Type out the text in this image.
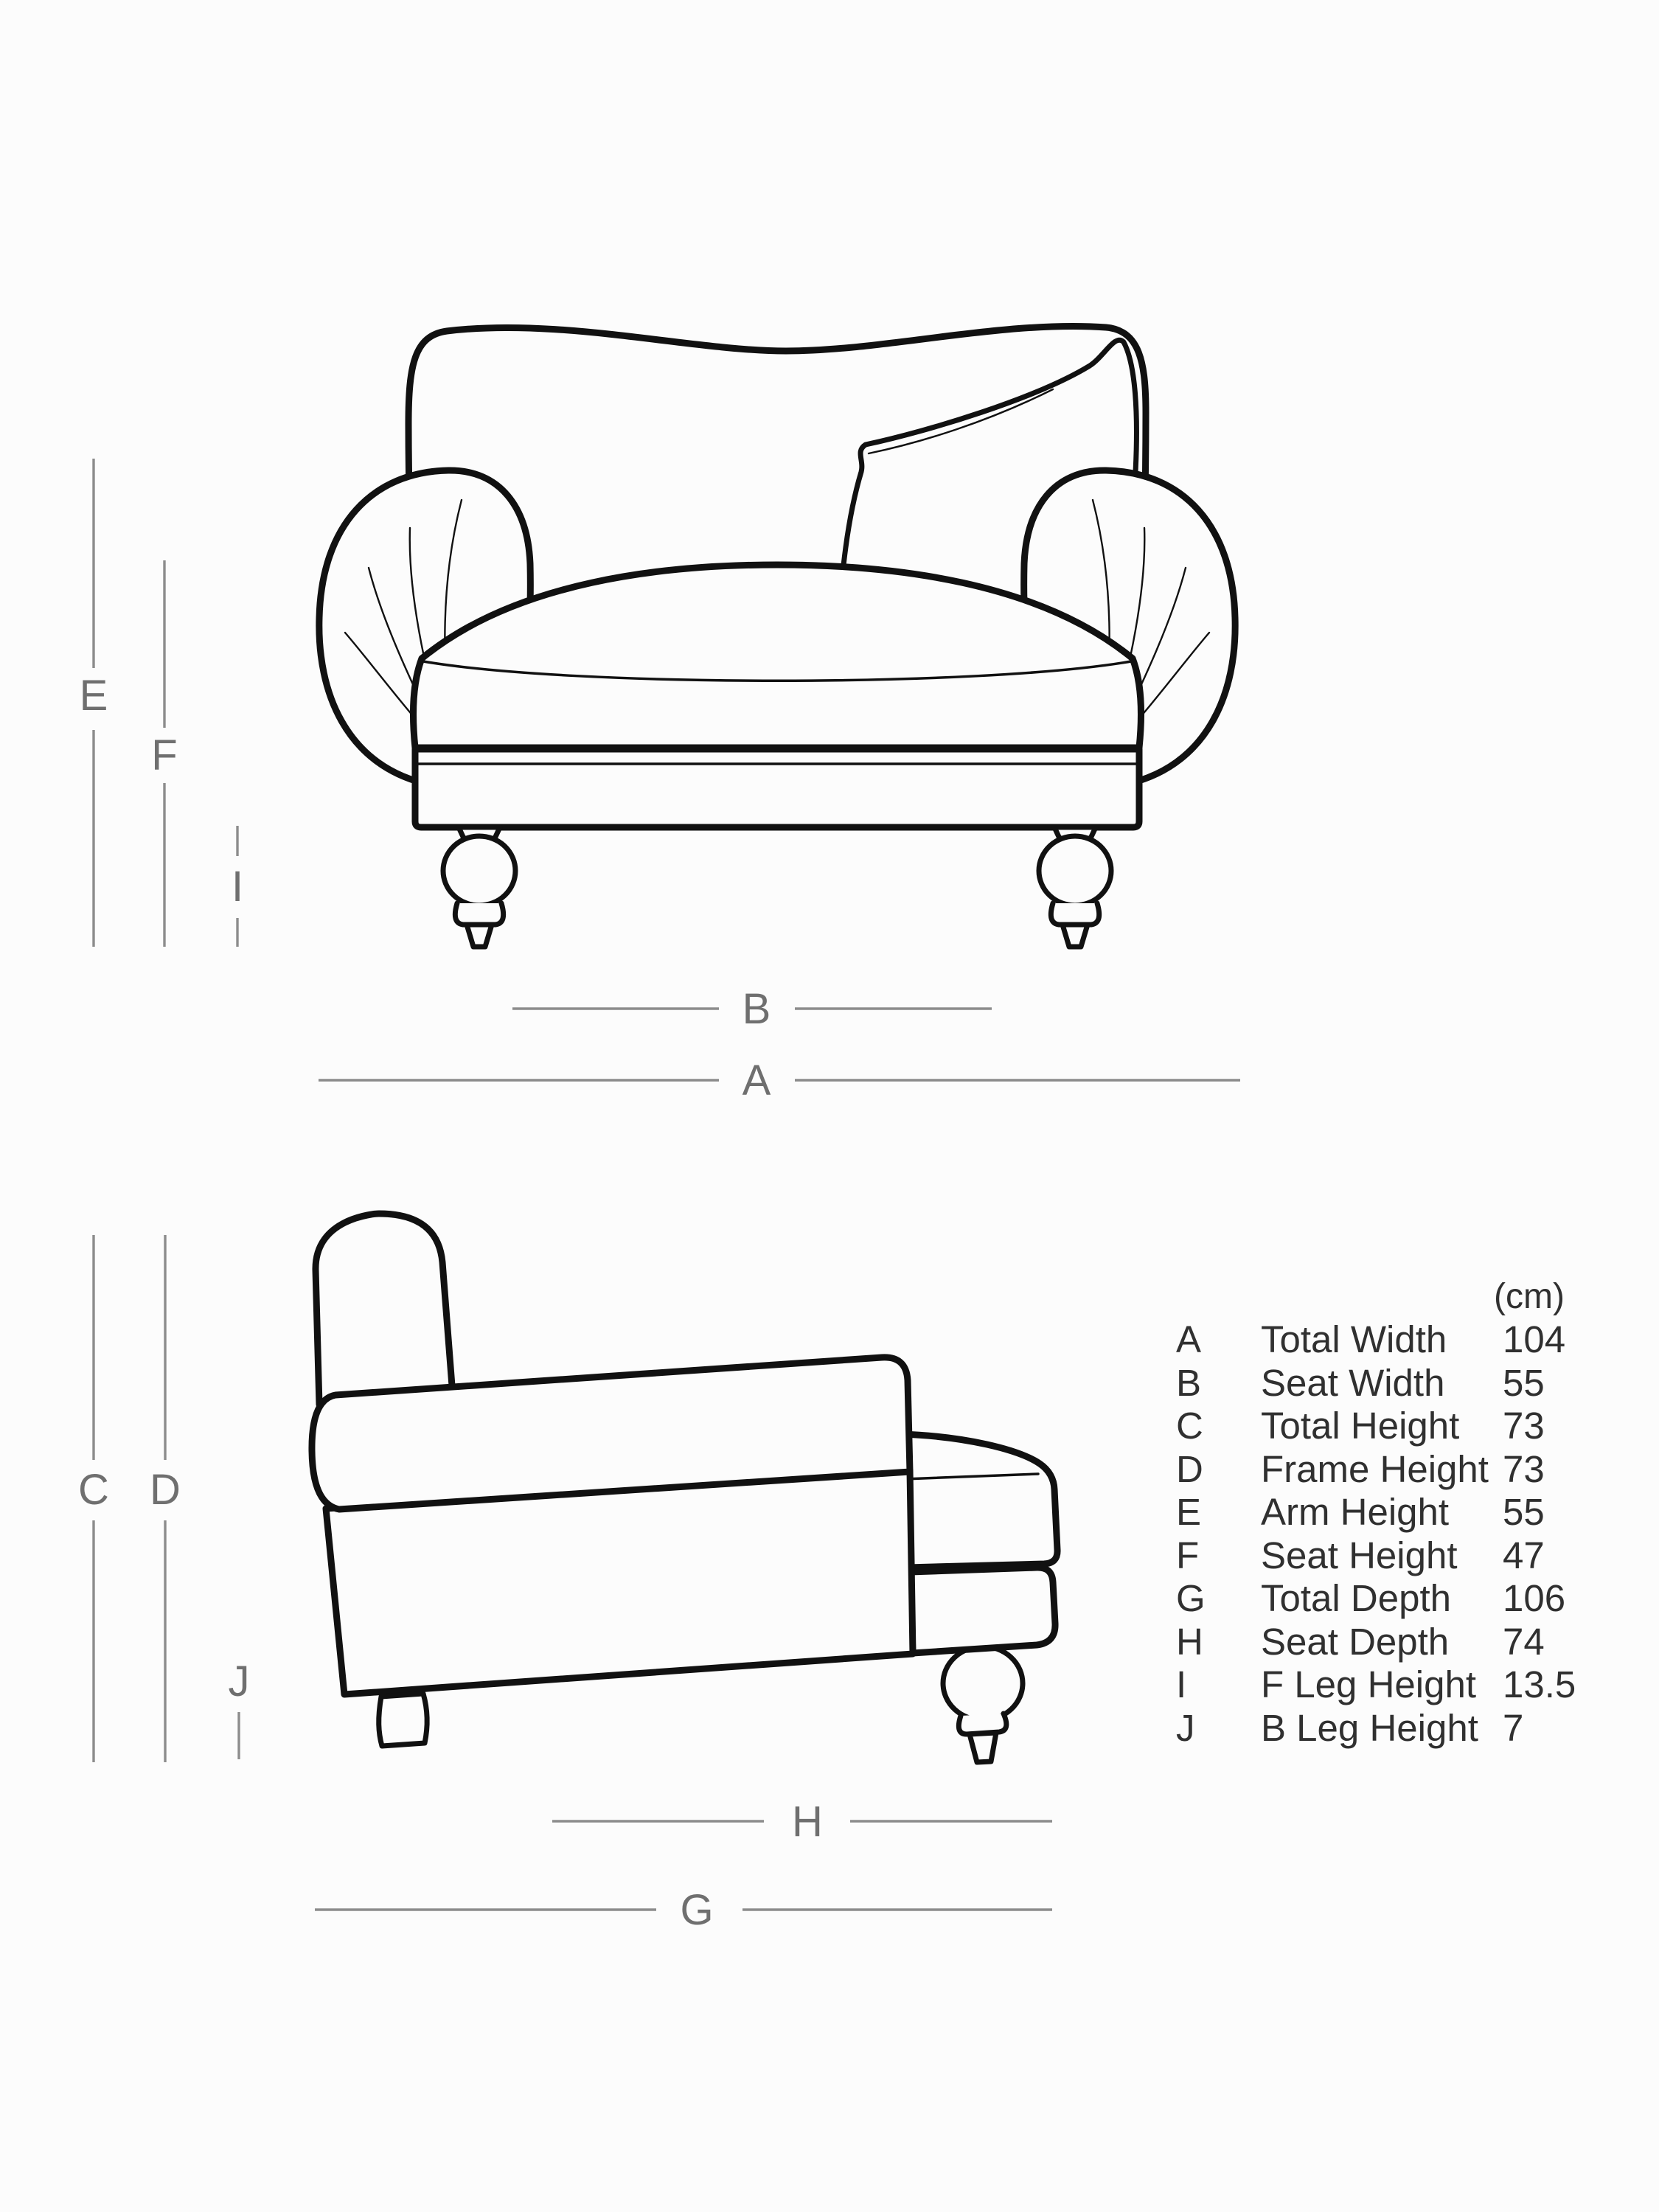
E
F
I
B
A
C D
J
H
G
(cm)
A	Total Width	104
B	Seat Width	55
C	Total Height	73
D	Frame Height 73
E	Arm Height	55
F	Seat Height	47
G	Total Depth	106
H	Seat Depth	74
I	F Leg Height 13.5
J	B Leg Height 7
